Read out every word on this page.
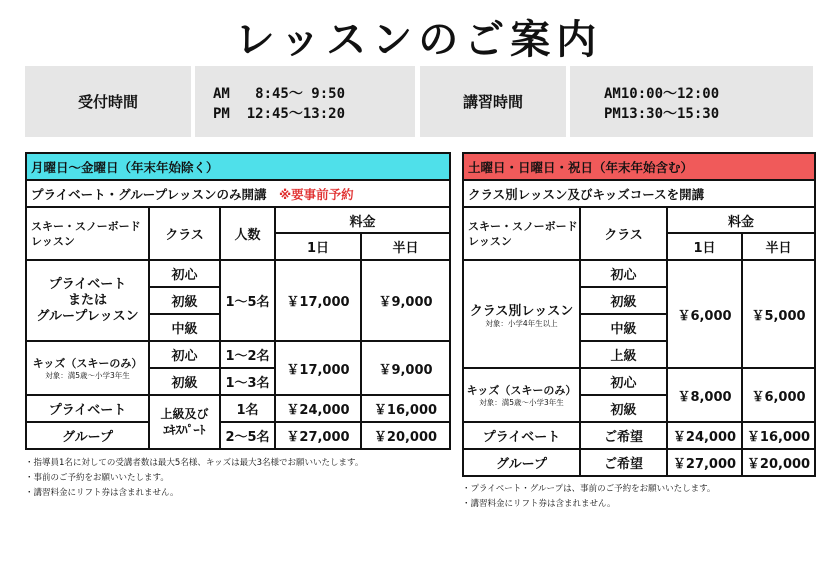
レッスンのご案内
受付時間	AM   8:45〜 9:50
PM  12:45〜13:20
講習時間	AM10:00〜12:00
PM13:30〜15:30
月曜日〜金曜日（年末年始除く）				
プライベート・グループレッスンのみ開講　 ※要事前予約				
スキー・スノーボード
レッスン	クラス	人数	料金	
			1日	半日
プライベート
または
グループレッスン	初心	1〜5名	￥17,000	￥9,000
	初級			
	中級			
キッズ（スキーのみ）
対象：満5歳〜小学3年生	初心	1〜2名	￥17,000	￥9,000
	初級	1〜3名		
プライベート	上級及び
ｴｷｽﾊﾟｰﾄ	1名	￥24,000	￥16,000
グループ		2〜5名	￥27,000	￥20,000
・指導員1名に対しての受講者数は最大5名様、キッズは最大3名様でお願いいたします。
・事前のご予約をお願いいたします。
・講習料金にリフト券は含まれません。
土曜日・日曜日・祝日（年末年始含む）			
クラス別レッスン及びキッズコースを開講			
スキー・スノーボード
レッスン	クラス	料金	
		1日	半日
クラス別レッスン
対象：小学4年生以上	初心	￥6,000	￥5,000
	初級		
	中級		
	上級		
キッズ（スキーのみ）
対象：満5歳〜小学3年生	初心	￥8,000	￥6,000
	初級		
プライベート	ご希望	￥24,000	￥16,000
グループ	ご希望	￥27,000	￥20,000
・プライベート・グループは、事前のご予約をお願いいたします。
・講習料金にリフト券は含まれません。
